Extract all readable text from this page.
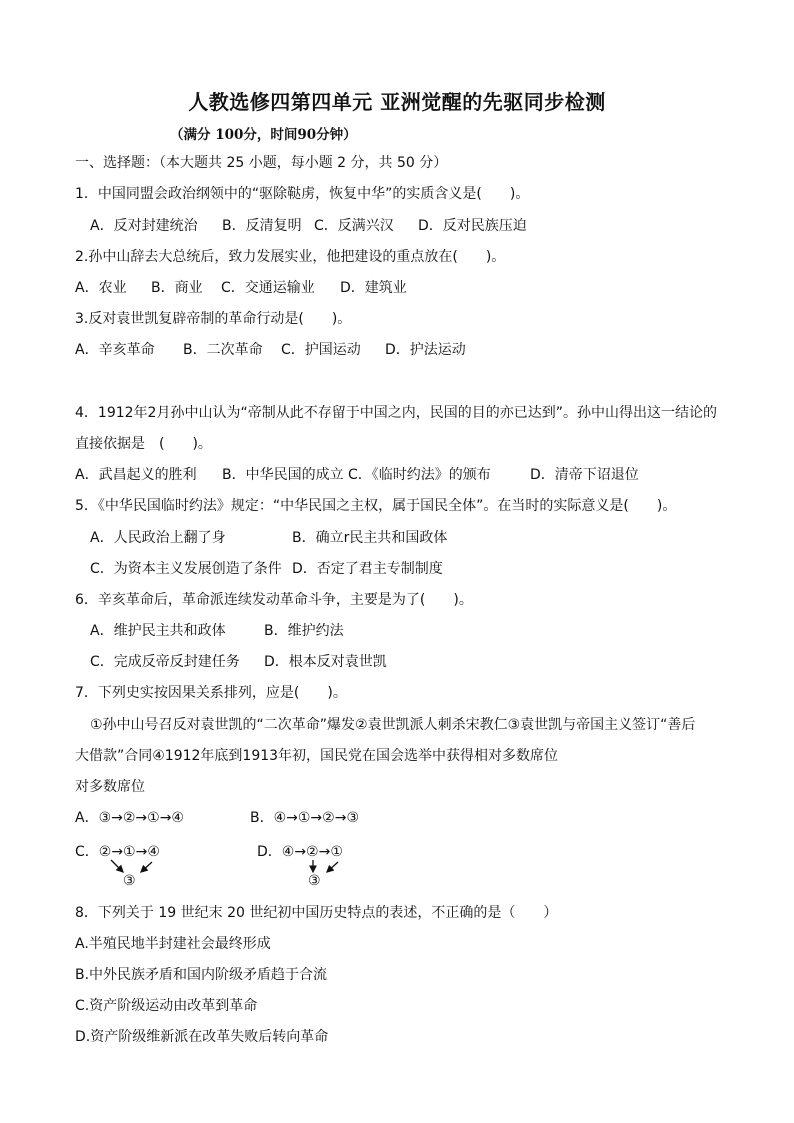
人教选修四第四单元 亚洲觉醒的先驱同步检测
（满分 100分，时间90分钟）
一、选择题：（本大题共 25 小题，每小题 2 分，共 50 分）
1．中国同盟会政治纲领中的“驱除鞑虏，恢复中华”的实质含义是(　　)。
A．反对封建统治 B．反清复明 C．反满兴汉 D．反对民族压迫
2.孙中山辞去大总统后，致力发展实业，他把建设的重点放在(　　)。
A．农业 B．商业 C．交通运输业 D．建筑业
3.反对袁世凯复辟帝制的革命行动是(　　)。
A．辛亥革命 B．二次革命 C．护国运动 D．护法运动
4．1912年2月孙中山认为“帝制从此不存留于中国之内，民国的目的亦已达到”。孙中山得出这一结论的
直接依据是　(　　)。
A．武昌起义的胜利 B．中华民国的成立 C．《临时约法》的颁布	D．清帝下诏退位
5．《中华民国临时约法》规定：“中华民国之主权，属于国民全体”。在当时的实际意义是(　　)。
A．人民政治上翻了身	B．确立r民主共和国政体
C．为资本主义发展创造了条件 D．否定了君主专制制度
6．辛亥革命后，革命派连续发动革命斗争，主要是为了(　　)。
A．维护民主共和政体	B．维护约法
C．完成反帝反封建任务 D．根本反对袁世凯
7．下列史实按因果关系排列，应是(　　)。
①孙中山号召反对袁世凯的“二次革命”爆发②袁世凯派人刺杀宋教仁③袁世凯与帝国主义签订“善后
大借款”合同④1912年底到1913年初，国民党在国会选举中获得相对多数席位
对多数席位
A．③→②→①→④	B．④→①→②→③
C．②→①→④
③
D．④→②→①
③
8．下列关于 19 世纪末 20 世纪初中国历史特点的表述，不正确的是（　　）
A.半殖民地半封建社会最终形成
B.中外民族矛盾和国内阶级矛盾趋于合流
C.资产阶级运动由改革到革命
D.资产阶级维新派在改革失败后转向革命
